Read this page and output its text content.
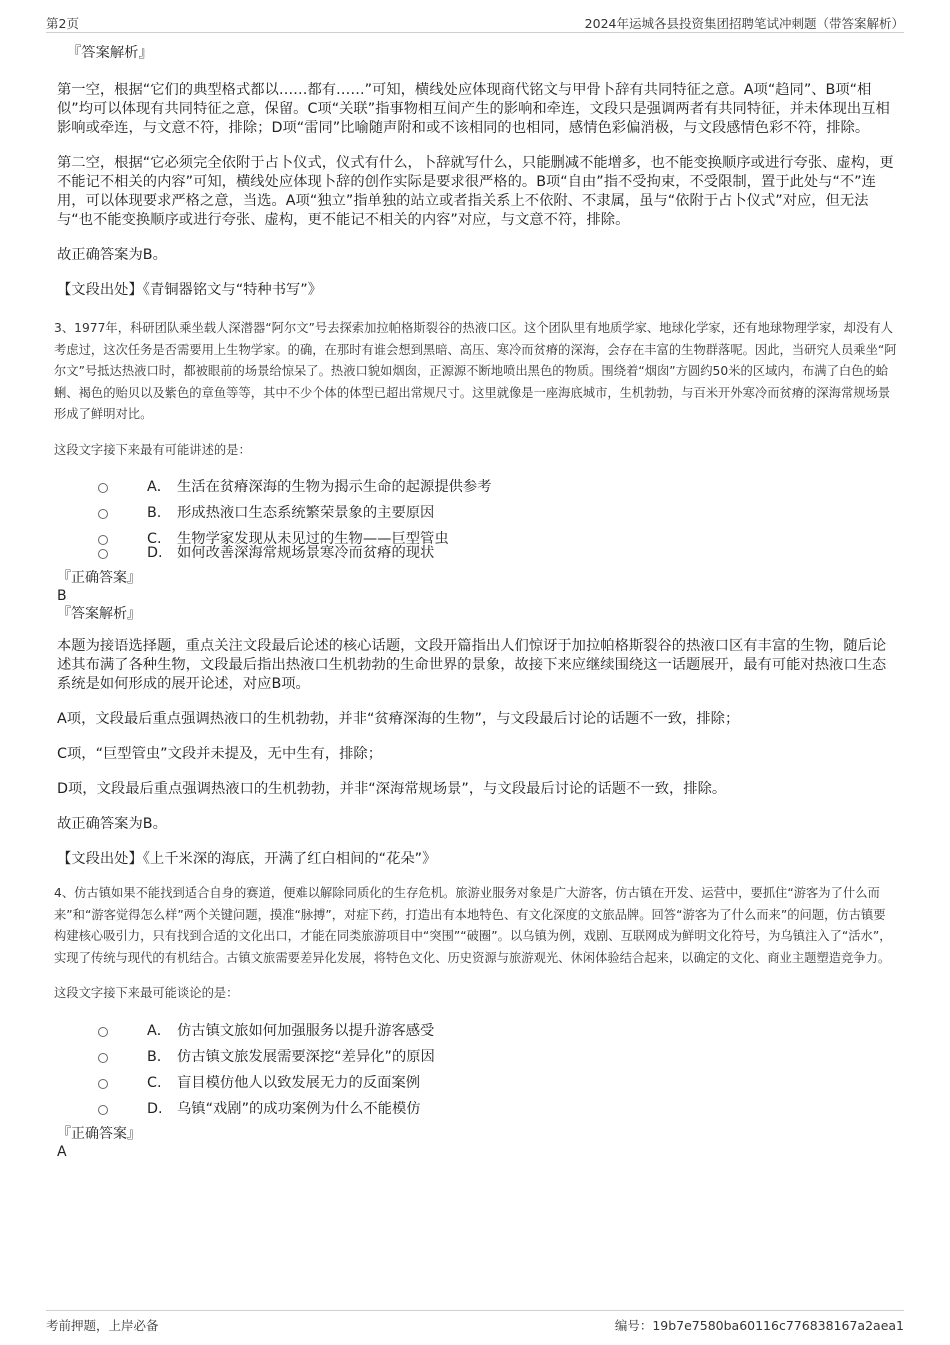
第2页	2024年运城各县投资集团招聘笔试冲刺题（带答案解析）

『答案解析』

第一空，根据“它们的典型格式都以……都有……”可知，横线处应体现商代铭文与甲骨卜辞有共同特征之意。A项“趋同”、B项“相似”均可以体现有共同特征之意，保留。C项“关联”指事物相互间产生的影响和牵连，文段只是强调两者有共同特征，并未体现出互相影响或牵连，与文意不符，排除；D项“雷同”比喻随声附和或不该相同的也相同，感情色彩偏消极，与文段感情色彩不符，排除。

第二空，根据“它必须完全依附于占卜仪式，仪式有什么，卜辞就写什么，只能删减不能增多，也不能变换顺序或进行夸张、虚构，更不能记不相关的内容”可知，横线处应体现卜辞的创作实际是要求很严格的。B项“自由”指不受拘束，不受限制，置于此处与“不”连用，可以体现要求严格之意，当选。A项“独立”指单独的站立或者指关系上不依附、不隶属，虽与“依附于占卜仪式”对应，但无法与“也不能变换顺序或进行夸张、虚构，更不能记不相关的内容”对应，与文意不符，排除。

故正确答案为B。

【文段出处】《青铜器铭文与“特种书写”》

3、1977年，科研团队乘坐载人深潜器“阿尔文”号去探索加拉帕格斯裂谷的热液口区。这个团队里有地质学家、地球化学家，还有地球物理学家，却没有人考虑过，这次任务是否需要用上生物学家。的确，在那时有谁会想到黑暗、高压、寒冷而贫瘠的深海，会存在丰富的生物群落呢。因此，当研究人员乘坐“阿尔文”号抵达热液口时，都被眼前的场景给惊呆了。热液口貌如烟囱，正源源不断地喷出黑色的物质。围绕着“烟囱”方圆约50米的区域内，布满了白色的蛤蜊、褐色的贻贝以及紫色的章鱼等等，其中不少个体的体型已超出常规尺寸。这里就像是一座海底城市，生机勃勃，与百米开外寒冷而贫瘠的深海常规场景形成了鲜明对比。

这段文字接下来最有可能讲述的是：

A． 生活在贫瘠深海的生物为揭示生命的起源提供参考
B. 形成热液口生态系统繁荣景象的主要原因
C. 生物学家发现从未见过的生物——巨型管虫
D. 如何改善深海常规场景寒冷而贫瘠的现状

『正确答案』

B

『答案解析』

本题为接语选择题，重点关注文段最后论述的核心话题，文段开篇指出人们惊讶于加拉帕格斯裂谷的热液口区有丰富的生物，随后论述其布满了各种生物，文段最后指出热液口生机勃勃的生命世界的景象，故接下来应继续围绕这一话题展开，最有可能对热液口生态系统是如何形成的展开论述，对应B项。

A项，文段最后重点强调热液口的生机勃勃，并非“贫瘠深海的生物”，与文段最后讨论的话题不一致，排除；

C项，“巨型管虫”文段并未提及，无中生有，排除；

D项，文段最后重点强调热液口的生机勃勃，并非“深海常规场景”，与文段最后讨论的话题不一致，排除。

故正确答案为B。

【文段出处】《上千米深的海底，开满了红白相间的“花朵”》

4、仿古镇如果不能找到适合自身的赛道，便难以解除同质化的生存危机。旅游业服务对象是广大游客，仿古镇在开发、运营中，要抓住“游客为了什么而来”和“游客觉得怎么样”两个关键问题，摸准“脉搏”，对症下药，打造出有本地特色、有文化深度的文旅品牌。回答“游客为了什么而来”的问题，仿古镇要构建核心吸引力，只有找到合适的文化出口，才能在同类旅游项目中“突围”“破圈”。以乌镇为例，戏剧、互联网成为鲜明文化符号，为乌镇注入了“活水”，实现了传统与现代的有机结合。古镇文旅需要差异化发展，将特色文化、历史资源与旅游观光、休闲体验结合起来，以确定的文化、商业主题塑造竞争力。

这段文字接下来最可能谈论的是：

A． 仿古镇文旅如何加强服务以提升游客感受
B. 仿古镇文旅发展需要深挖“差异化”的原因
C. 盲目模仿他人以致发展无力的反面案例
D. 乌镇“戏剧”的成功案例为什么不能模仿

『正确答案』

A

考前押题，上岸必备	编号：19b7e7580ba60116c776838167a2aea1
